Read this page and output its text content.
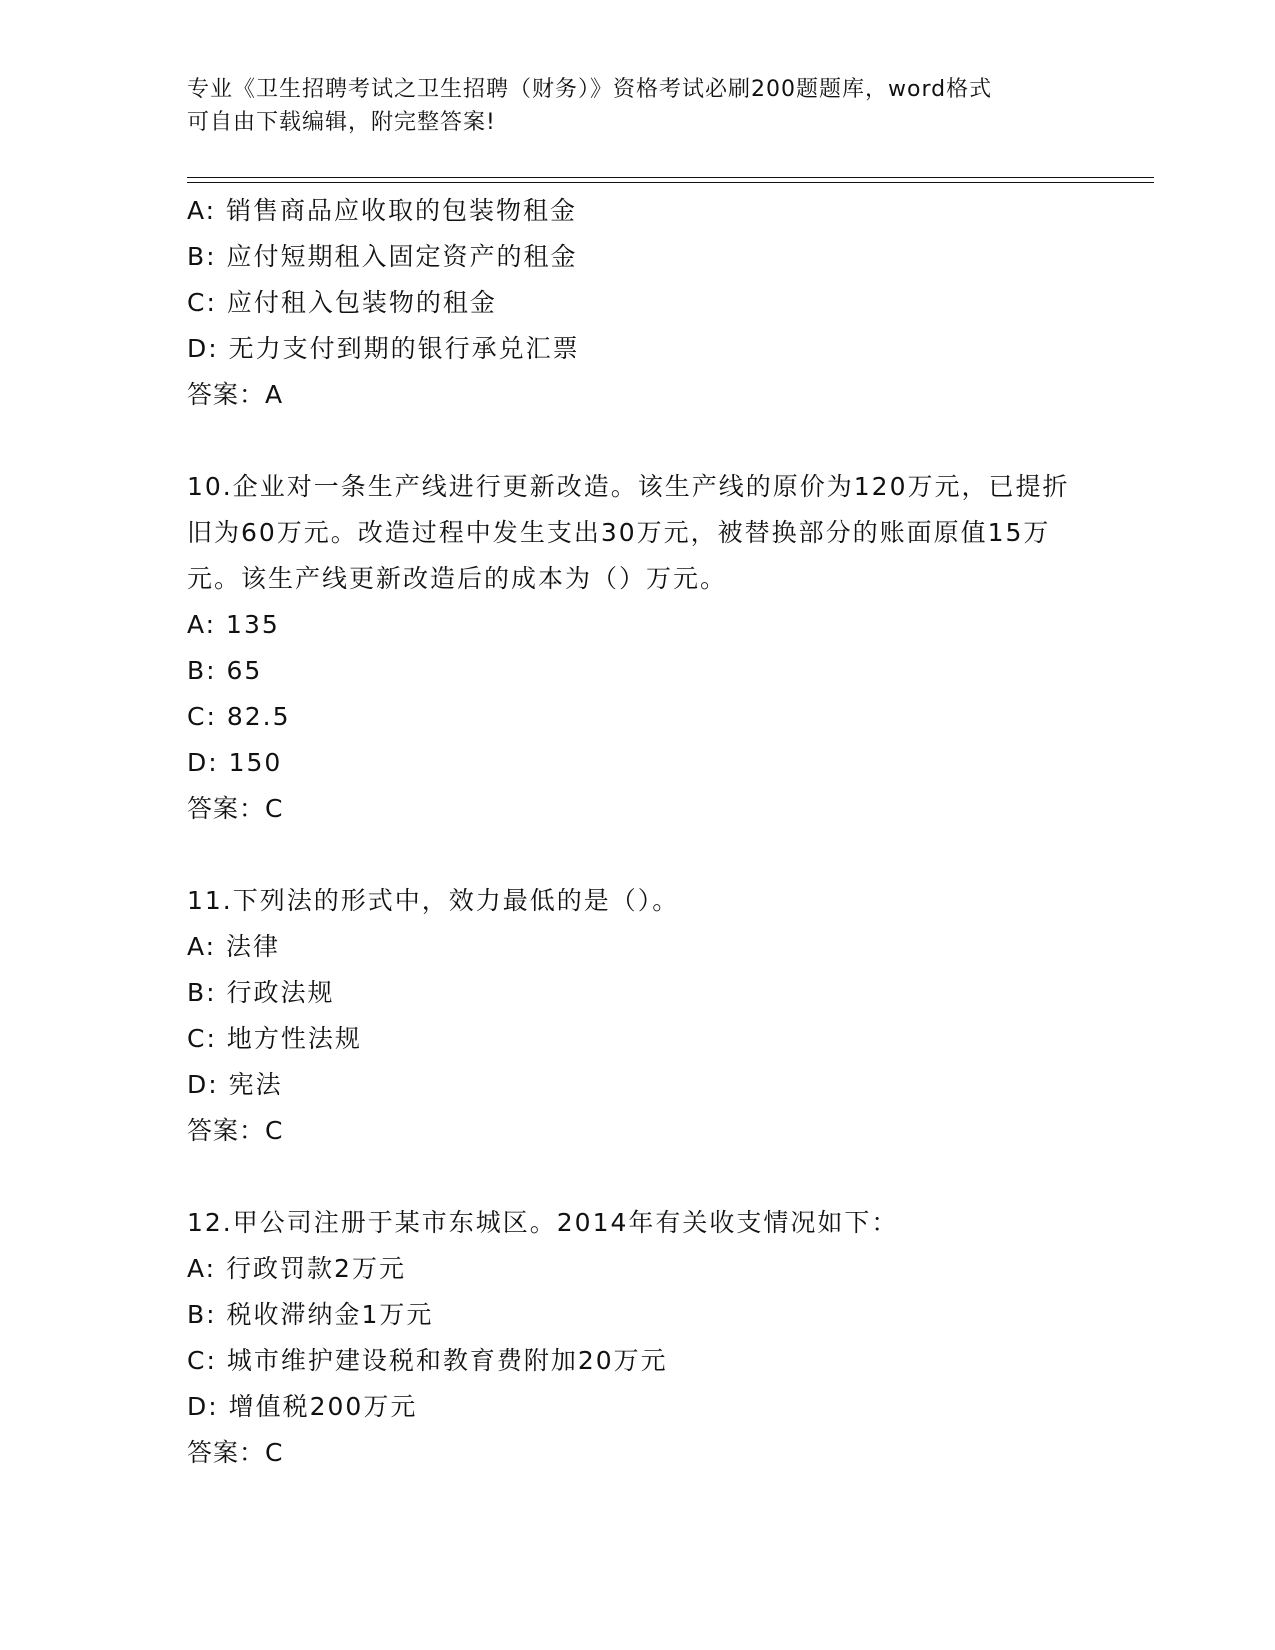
专业《卫生招聘考试之卫生招聘（财务）》资格考试必刷200题题库，word格式
可自由下载编辑，附完整答案!
A: 销售商品应收取的包装物租金
B: 应付短期租入固定资产的租金
C: 应付租入包装物的租金
D: 无力支付到期的银行承兑汇票
答案：A
10.企业对一条生产线进行更新改造。该生产线的原价为120万元，已提折旧为60万元。改造过程中发生支出30万元，被替换部分的账面原值15万元。该生产线更新改造后的成本为（）万元。
A: 135
B: 65
C: 82.5
D: 150
答案：C
11.下列法的形式中，效力最低的是（）。
A: 法律
B: 行政法规
C: 地方性法规
D: 宪法
答案：C
12.甲公司注册于某市东城区。2014年有关收支情况如下：
A: 行政罚款2万元
B: 税收滞纳金1万元
C: 城市维护建设税和教育费附加20万元
D: 增值税200万元
答案：C
